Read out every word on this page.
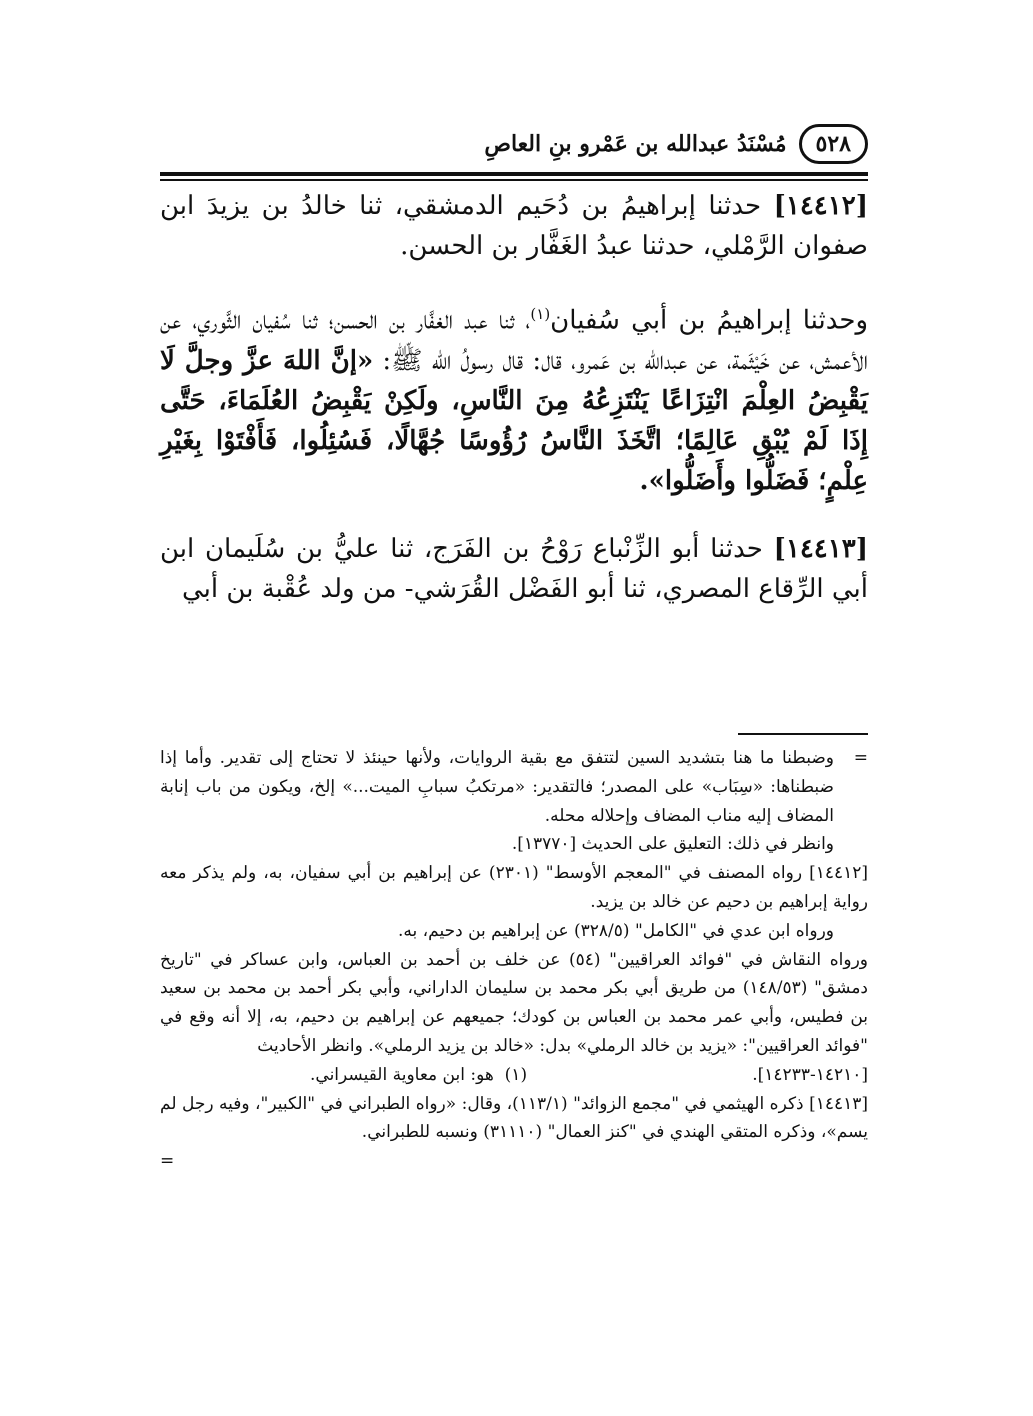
٥٢٨
مُسْنَدُ عبدالله بن عَمْرو بنِ العاصِ

[١٤٤١٢] حدثنا إبراهيمُ بن دُحَيم الدمشقي، ثنا خالدُ بن يزيدَ ابن صفوان الرَّمْلي، حدثنا عبدُ الغَفَّار بن الحسن.

وحدثنا إبراهيمُ بن أبي سُفيان$^{(١)}$، ثنا عبد الغفَّار بن الحسن؛ ثنا سُفيان الثَّوري، عن الأعمش، عن خَيْثَمة، عن عبدالله بن عَمرو، قال: قال رسولُ الله ﷺ: «إنَّ اللهَ عزَّ وجلَّ لَا يَقْبِضُ العِلْمَ انْتِزَاعًا يَنْتَزِعُهُ مِنَ النَّاسِ، ولَكِنْ يَقْبِضُ العُلَمَاءَ، حَتَّى إِذَا لَمْ يُبْقِ عَالِمًا؛ اتَّخَذَ النَّاسُ رُؤُوسًا جُهَّالًا، فَسُئِلُوا، فَأَفْتَوْا بِغَيْرِ عِلْمٍ؛ فَضَلُّوا وأَضَلُّوا».

[١٤٤١٣] حدثنا أبو الزِّنْباع رَوْحُ بن الفَرَج، ثنا عليُّ بن سُلَيمان ابن أبي الرِّقاع المصري، ثنا أبو الفَضْل القُرَشي- من ولد عُقْبة بن أبي

=

وضبطنا ما هنا بتشديد السين لتتفق مع بقية الروايات، ولأنها حينئذ لا تحتاج إلى تقدير. وأما إذا ضبطناها: «سِبَاب» على المصدر؛ فالتقدير: «مرتكبُ سبابِ الميت...» إلخ، ويكون من باب إنابة المضاف إليه مناب المضاف وإحلاله محله.

وانظر في ذلك: التعليق على الحديث [١٣٧٧٠].

[١٤٤١٢] رواه المصنف في "المعجم الأوسط" (٢٣٠١) عن إبراهيم بن أبي سفيان، به، ولم يذكر معه رواية إبراهيم بن دحيم عن خالد بن يزيد.

ورواه ابن عدي في "الكامل" (٣٢٨/٥) عن إبراهيم بن دحيم، به.

ورواه النقاش في "فوائد العراقيين" (٥٤) عن خلف بن أحمد بن العباس، وابن عساكر في "تاريخ دمشق" (١٤٨/٥٣) من طريق أبي بكر محمد بن سليمان الداراني، وأبي بكر أحمد بن محمد بن سعيد بن فطيس، وأبي عمر محمد بن العباس بن كودك؛ جميعهم عن إبراهيم بن دحيم، به، إلا أنه وقع في "فوائد العراقيين": «يزيد بن خالد الرملي» بدل: «خالد بن يزيد الرملي». وانظر الأحاديث

[١٤٢١٠-١٤٢٣٣].
(١)  هو: ابن معاوية القيسراني.

[١٤٤١٣] ذكره الهيثمي في "مجمع الزوائد" (١١٣/١)، وقال: «رواه الطبراني في "الكبير"، وفيه رجل لم يسم»، وذكره المتقي الهندي في "كنز العمال" (٣١١١٠) ونسبه للطبراني.

=
